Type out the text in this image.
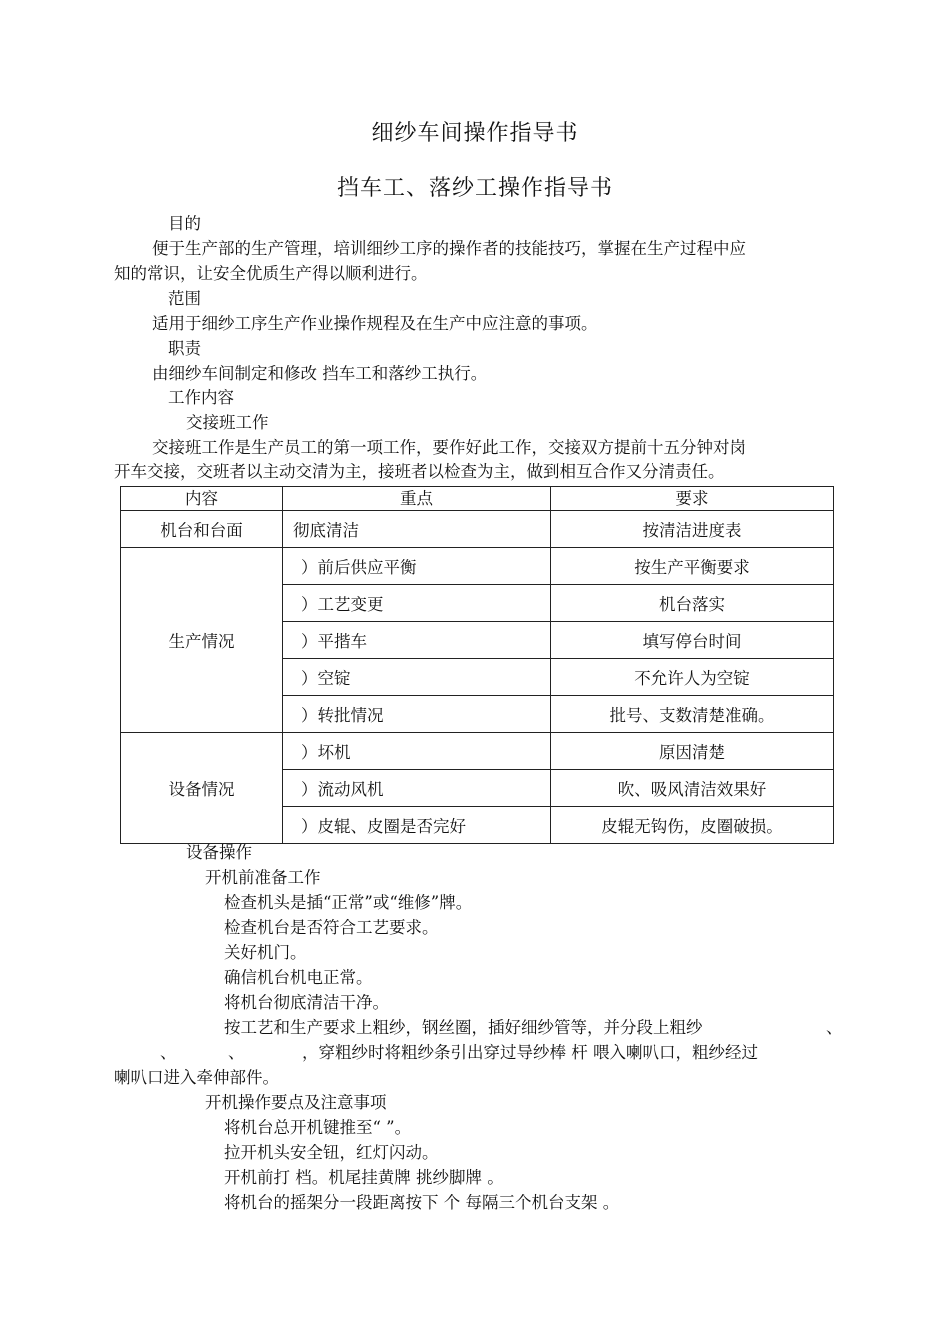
细纱车间操作指导书
挡车工、落纱工操作指导书
目的
便于生产部的生产管理，培训细纱工序的操作者的技能技巧，掌握在生产过程中应
知的常识，让安全优质生产得以顺利进行。
范围
适用于细纱工序生产作业操作规程及在生产中应注意的事项。
职责
由细纱车间制定和修改 挡车工和落纱工执行。
工作内容
交接班工作
交接班工作是生产员工的第一项工作，要作好此工作，交接双方提前十五分钟对岗
开车交接，交班者以主动交清为主，接班者以检查为主，做到相互合作又分清责任。
内容	重点	要求
机台和台面	彻底清洁	按清洁进度表
生产情况	）前后供应平衡	按生产平衡要求
	）工艺变更	机台落实
	）平揩车	填写停台时间
	）空锭	不允许人为空锭
	）转批情况	批号、支数清楚准确。
设备情况	）坏机	原因清楚
	）流动风机	吹、吸风清洁效果好
	）皮辊、皮圈是否完好	皮辊无钩伤，皮圈破损。
设备操作
开机前准备工作
检查机头是插“正常”或“维修”牌。
检查机台是否符合工艺要求。
关好机门。
确信机台机电正常。
将机台彻底清洁干净。
按工艺和生产要求上粗纱，钢丝圈，插好细纱管等，并分段上粗纱	、
、	、	，穿粗纱时将粗纱条引出穿过导纱棒 杆 喂入喇叭口，粗纱经过
喇叭口进入牵伸部件。
开机操作要点及注意事项
将机台总开机键推至“ ”。
拉开机头安全钮，红灯闪动。
开机前打 档。机尾挂黄牌 挑纱脚牌 。
将机台的摇架分一段距离按下 个 每隔三个机台支架 。
